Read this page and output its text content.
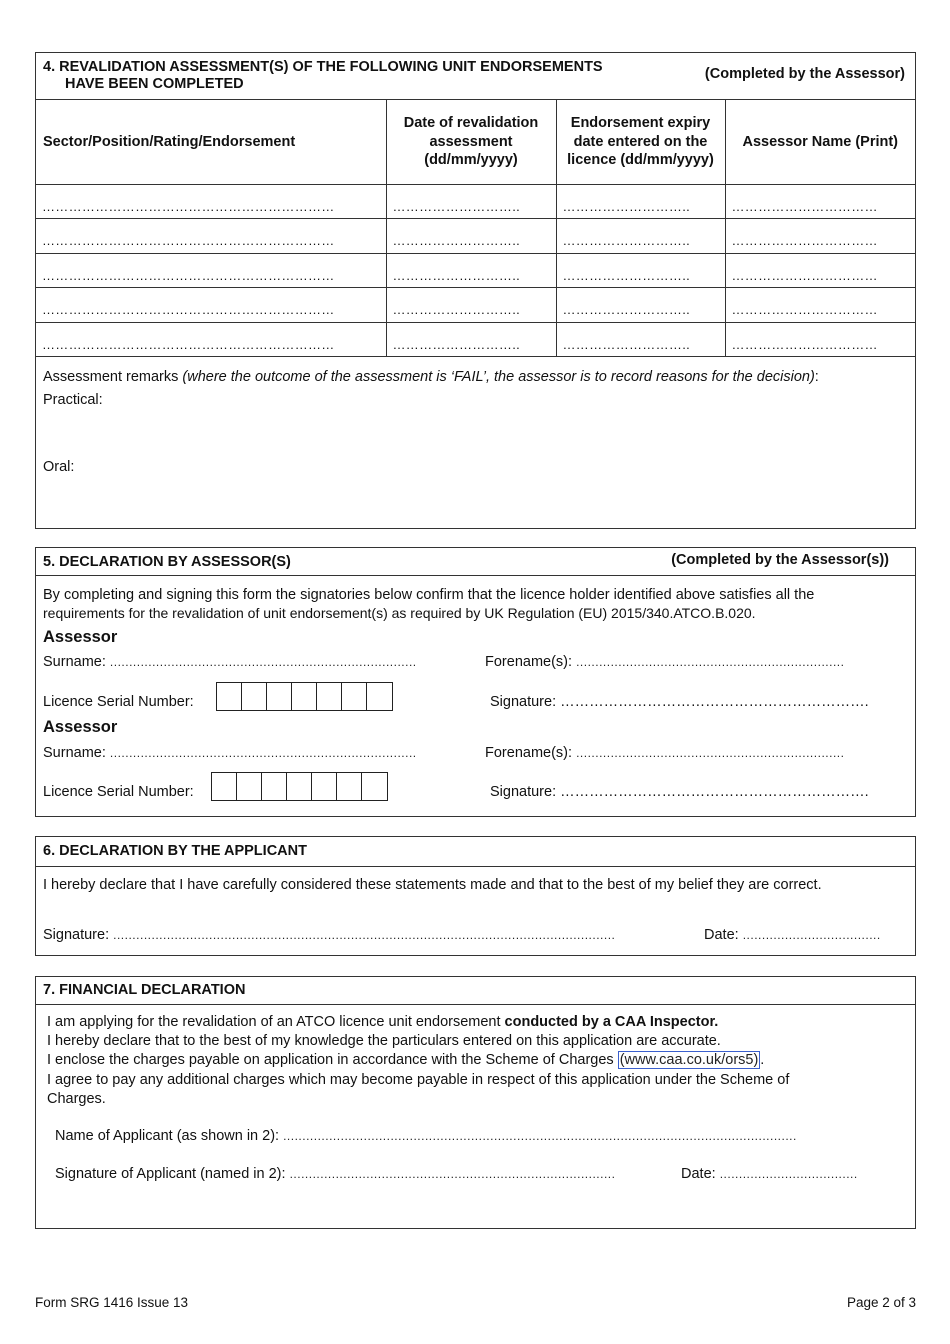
4. REVALIDATION ASSESSMENT(S) OF THE FOLLOWING UNIT ENDORSEMENTS
HAVE BEEN COMPLETED
(Completed by the Assessor)
Sector/Position/Rating/Endorsement	Date of revalidation assessment (dd/mm/yyyy)	Endorsement expiry date entered on the licence (dd/mm/yyyy)	Assessor Name (Print)
…………………………………………………………	………………………..	………………………..	……………………………
…………………………………………………………	………………………..	………………………..	……………………………
…………………………………………………………	………………………..	………………………..	……………………………
…………………………………………………………	………………………..	………………………..	……………………………
…………………………………………………………	………………………..	………………………..	……………………………
Assessment remarks (where the outcome of the assessment is ‘FAIL’, the assessor is to record reasons for the decision):
Practical:
Oral:
5. DECLARATION BY ASSESSOR(S)	(Completed by the Assessor(s))
By completing and signing this form the signatories below confirm that the licence holder identified above satisfies all the
requirements for the revalidation of unit endorsement(s) as required by UK Regulation (EU) 2015/340.ATCO.B.020.
Assessor
Surname: ................................................................................	Forename(s): ......................................................................
Licence Serial Number:	Signature: ……………………………………………………….
Assessor
Surname: ................................................................................	Forename(s): ......................................................................
Licence Serial Number:	Signature: ……………………………………………………….
6. DECLARATION BY THE APPLICANT
I hereby declare that I have carefully considered these statements made and that to the best of my belief they are correct.
Signature: ...................................................................................................................................	Date: ....................................
7. FINANCIAL DECLARATION
I am applying for the revalidation of an ATCO licence unit endorsement conducted by a CAA Inspector.
I hereby declare that to the best of my knowledge the particulars entered on this application are accurate.
I enclose the charges payable on application in accordance with the Scheme of Charges (www.caa.co.uk/ors5) .
I agree to pay any additional charges which may become payable in respect of this application under the Scheme of
Charges.
Name of Applicant (as shown in 2): ......................................................................................................................................
Signature of Applicant (named in 2): .....................................................................................	Date: ....................................
Form SRG 1416 Issue 13	Page 2 of 3
